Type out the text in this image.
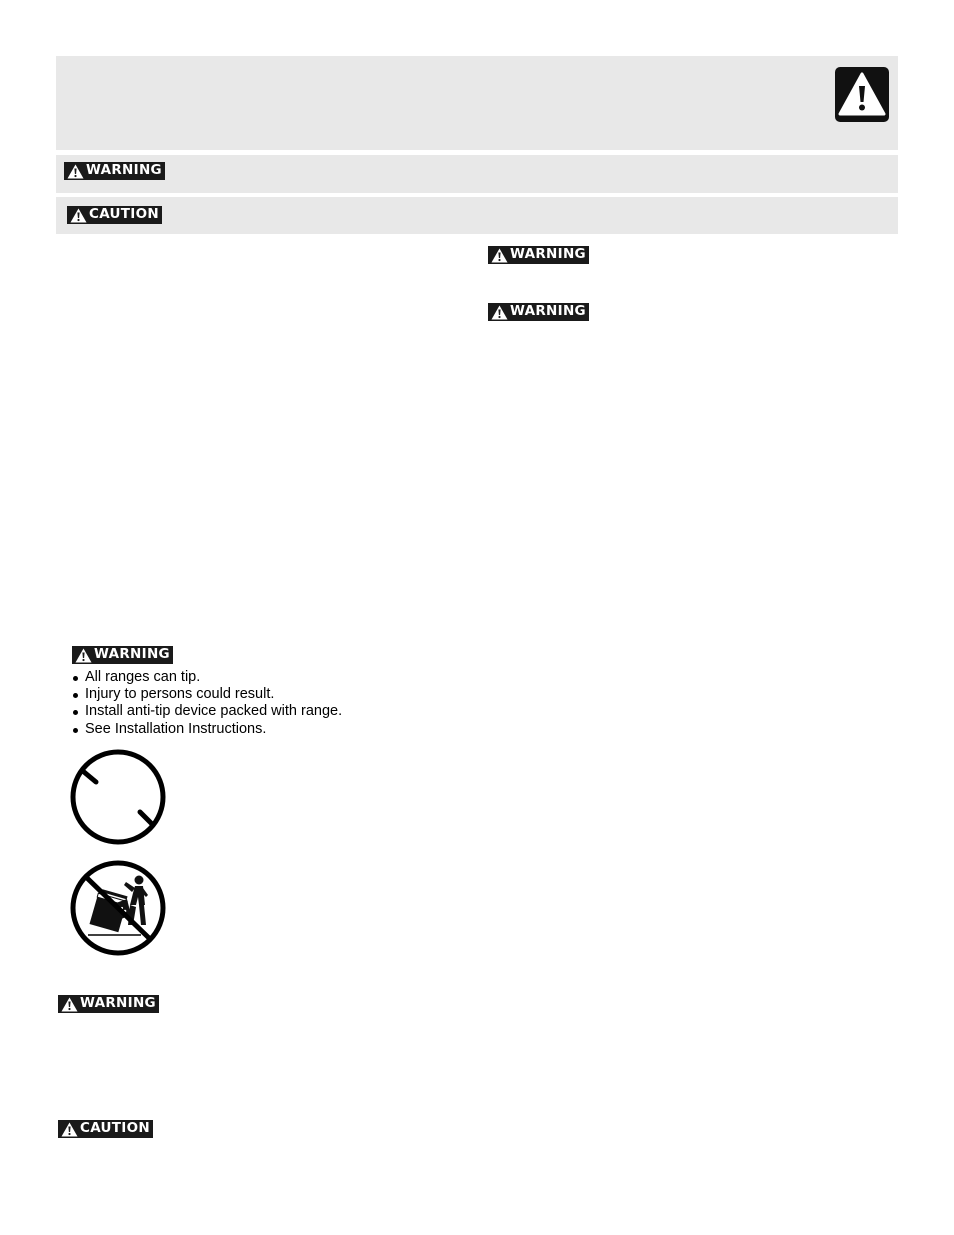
WARNING
CAUTION
WARNING
WARNING
WARNING
All ranges can tip.
Injury to persons could result.
Install anti-tip device packed with range.
See Installation Instructions.
WARNING
CAUTION
